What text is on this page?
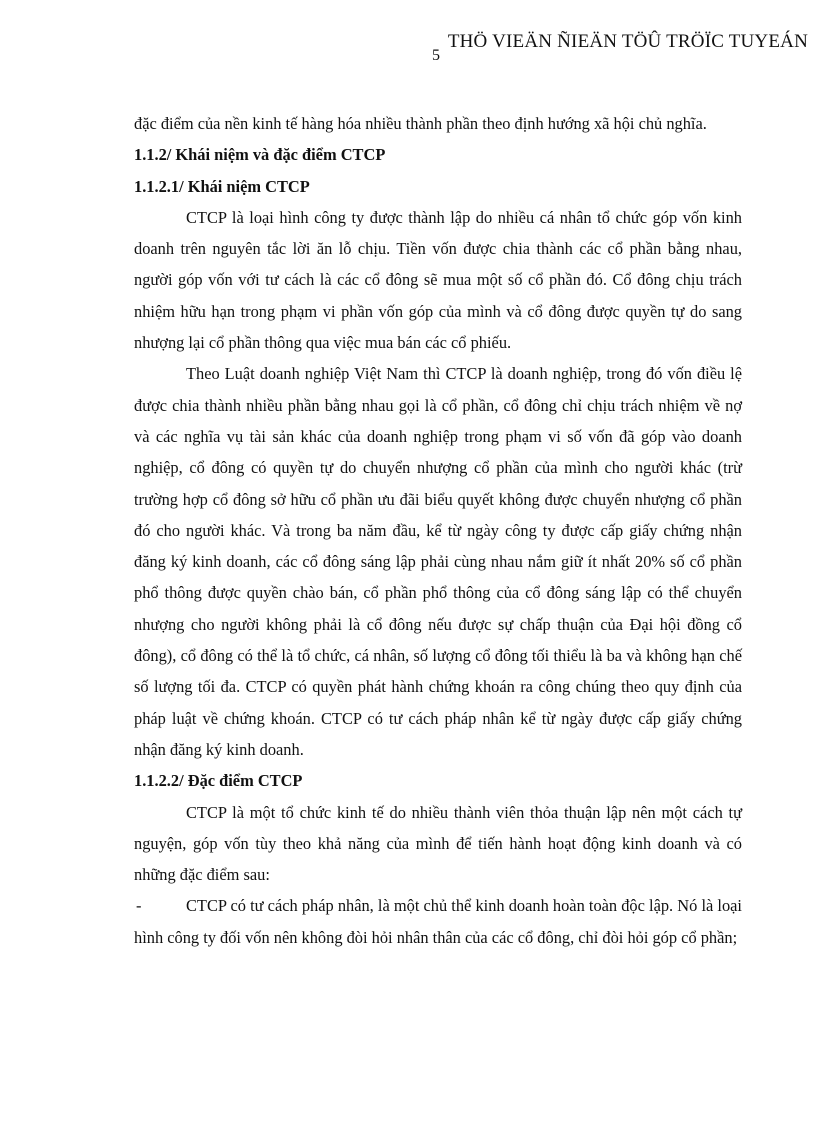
THÖ VIEÄN ÑIEÄN TÖÛ TRÖÏC TUYEÁN
5

đặc điểm của nền kinh tế hàng hóa nhiều thành phần theo định hướng xã hội chủ nghĩa.

1.1.2/ Khái niệm và đặc điểm CTCP

1.1.2.1/ Khái niệm CTCP

CTCP là loại hình công ty được thành lập do nhiều cá nhân tổ chức góp vốn kinh doanh trên nguyên tắc lời ăn lỗ chịu. Tiền vốn được chia thành các cổ phần bằng nhau, người góp vốn với tư cách là các cổ đông sẽ mua một số cổ phần đó. Cổ đông chịu trách nhiệm hữu hạn trong phạm vi phần vốn góp của mình và cổ đông được quyền tự do sang nhượng lại cổ phần thông qua việc mua bán các cổ phiếu.

Theo Luật doanh nghiệp Việt Nam thì CTCP là doanh nghiệp, trong đó vốn điều lệ được chia thành nhiều phần bằng nhau gọi là cổ phần, cổ đông chỉ chịu trách nhiệm về nợ và các nghĩa vụ tài sản khác của doanh nghiệp trong phạm vi số vốn đã góp vào doanh nghiệp, cổ đông có quyền tự do chuyển nhượng cổ phần của mình cho người khác (trừ trường hợp cổ đông sở hữu cổ phần ưu đãi biểu quyết không được chuyển nhượng cổ phần đó cho người khác. Và trong ba năm đầu, kể từ ngày công ty được cấp giấy chứng nhận đăng ký kinh doanh, các cổ đông sáng lập phải cùng nhau nắm giữ ít nhất 20% số cổ phần phổ thông được quyền chào bán, cổ phần phổ thông của cổ đông sáng lập có thể chuyển nhượng cho người không phải là cổ đông nếu được sự chấp thuận của Đại hội đồng cổ đông), cổ đông có thể là tổ chức, cá nhân, số lượng cổ đông tối thiểu là ba và không hạn chế số lượng tối đa. CTCP có quyền phát hành chứng khoán ra công chúng theo quy định của pháp luật về chứng khoán. CTCP có tư cách pháp nhân kể từ ngày được cấp giấy chứng nhận đăng ký kinh doanh.

1.1.2.2/ Đặc điểm CTCP

CTCP là một tổ chức kinh tế do nhiều thành viên thỏa thuận lập nên một cách tự nguyện, góp vốn tùy theo khả năng của mình để tiến hành hoạt động kinh doanh và có những đặc điểm sau:

-	CTCP có tư cách pháp nhân, là một chủ thể kinh doanh hoàn toàn độc lập. Nó là loại hình công ty đối vốn nên không đòi hỏi nhân thân của các cổ đông, chỉ đòi hỏi góp cổ phần;
